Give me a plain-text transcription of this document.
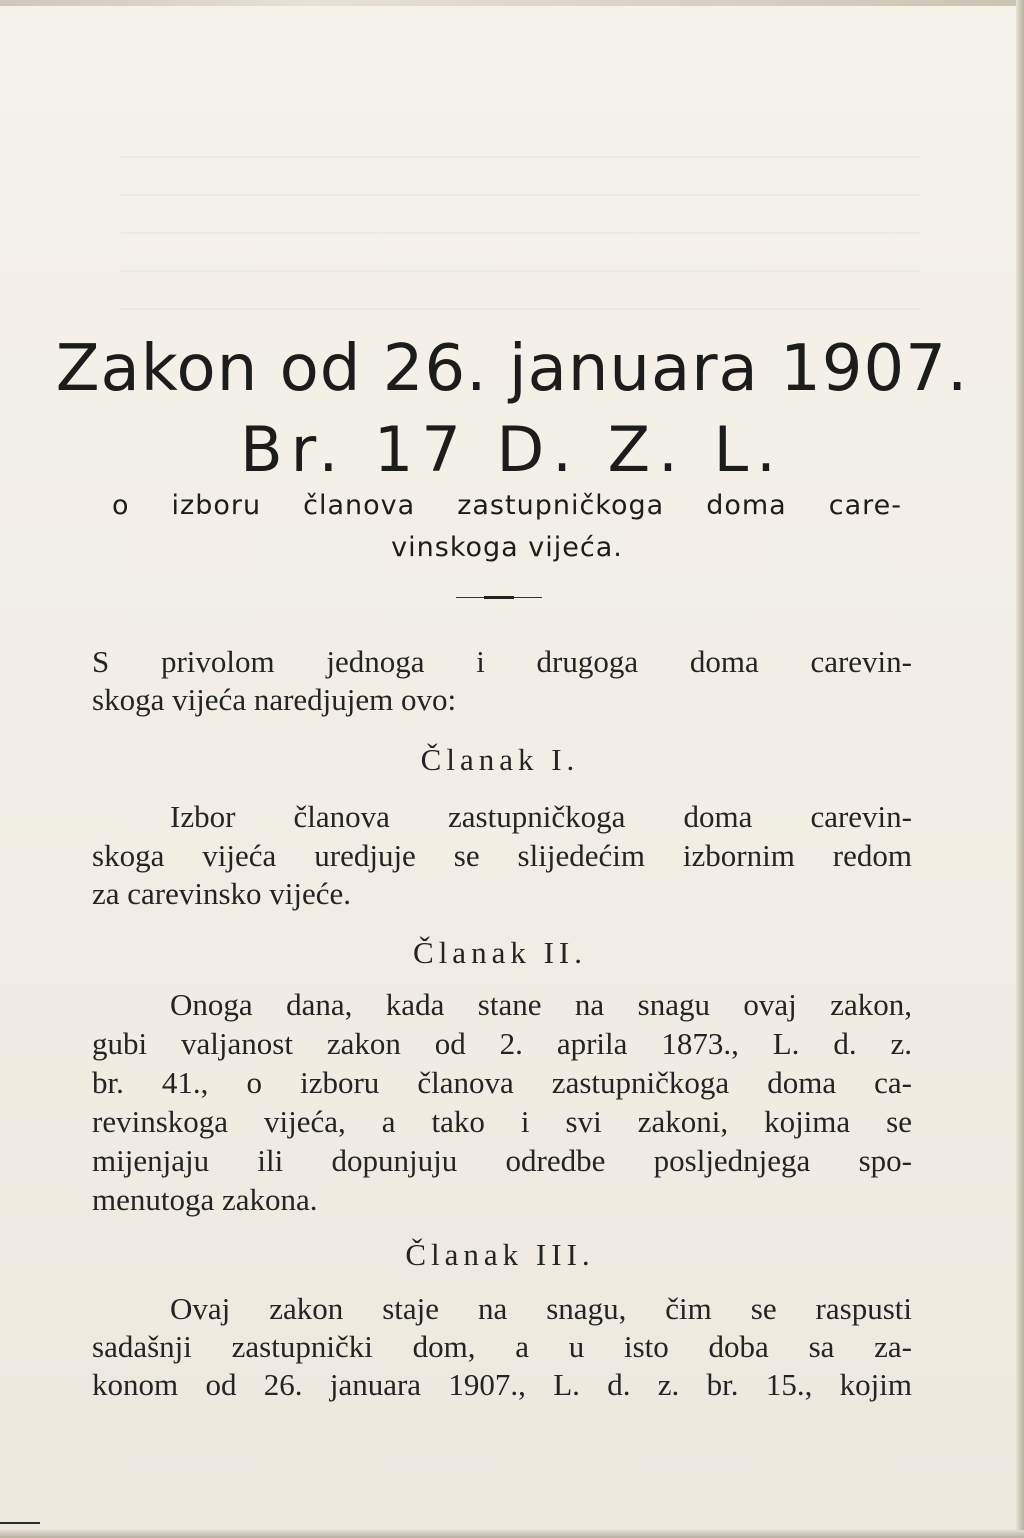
Zakon od 26. januara 1907.
Br. 17 D. Z. L.
o izboru članova zastupničkoga doma care-
vinskoga vijeća.
S privolom jednoga i drugoga doma carevin-
skoga vijeća naredjujem ovo:
Članak I.
Izbor članova zastupničkoga doma carevin-
skoga vijeća uredjuje se slijedećim izbornim redom
za carevinsko vijeće.
Članak II.
Onoga dana, kada stane na snagu ovaj zakon,
gubi valjanost zakon od 2. aprila 1873., L. d. z.
br. 41., o izboru članova zastupničkoga doma ca-
revinskoga vijeća, a tako i svi zakoni, kojima se
mijenjaju ili dopunjuju odredbe posljednjega spo-
menutoga zakona.
Članak III.
Ovaj zakon staje na snagu, čim se raspusti
sadašnji zastupnički dom, a u isto doba sa za-
konom od 26. januara 1907., L. d. z. br. 15., kojim
